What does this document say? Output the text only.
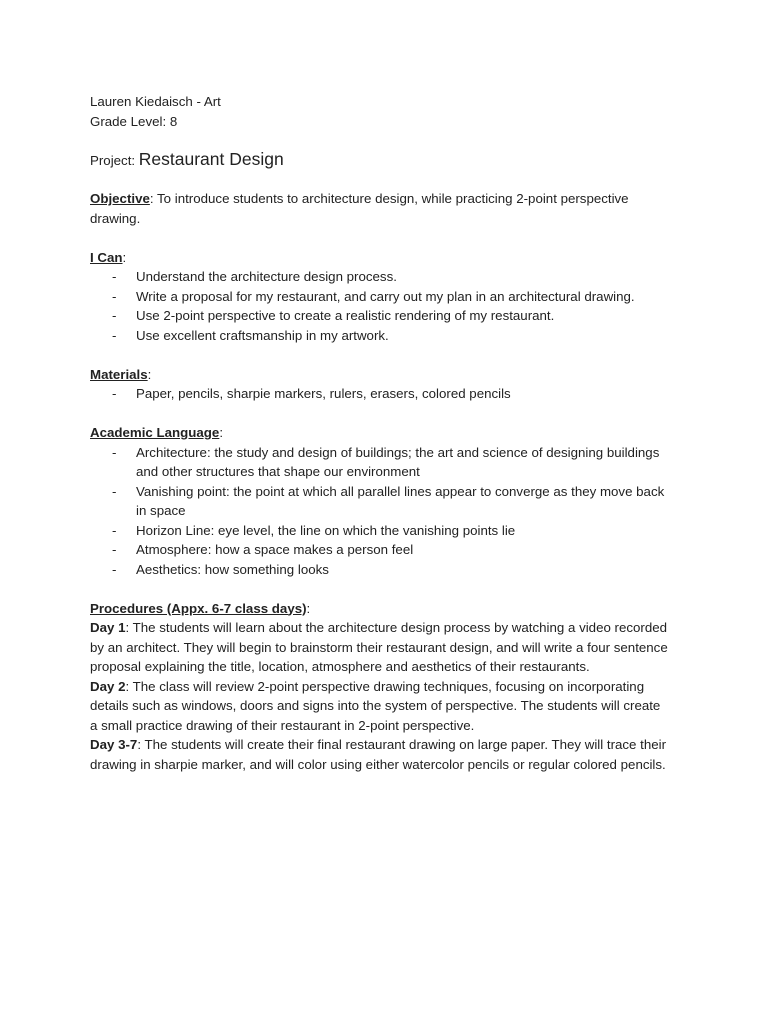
Lauren Kiedaisch - Art

Grade Level: 8

Project: Restaurant Design

Objective: To introduce students to architecture design, while practicing 2-point perspective drawing.

I Can:

- Understand the architecture design process.
- Write a proposal for my restaurant, and carry out my plan in an architectural drawing.
- Use 2-point perspective to create a realistic rendering of my restaurant.
- Use excellent craftsmanship in my artwork.

Materials:

- Paper, pencils, sharpie markers, rulers, erasers, colored pencils

Academic Language:

- Architecture: the study and design of buildings; the art and science of designing buildings and other structures that shape our environment
- Vanishing point: the point at which all parallel lines appear to converge as they move back in space
- Horizon Line: eye level, the line on which the vanishing points lie
- Atmosphere: how a space makes a person feel
- Aesthetics: how something looks

Procedures (Appx. 6-7 class days):

Day 1: The students will learn about the architecture design process by watching a video recorded by an architect. They will begin to brainstorm their restaurant design, and will write a four sentence proposal explaining the title, location, atmosphere and aesthetics of their restaurants.

Day 2: The class will review 2-point perspective drawing techniques, focusing on incorporating details such as windows, doors and signs into the system of perspective. The students will create a small practice drawing of their restaurant in 2-point perspective.

Day 3-7: The students will create their final restaurant drawing on large paper. They will trace their drawing in sharpie marker, and will color using either watercolor pencils or regular colored pencils.
